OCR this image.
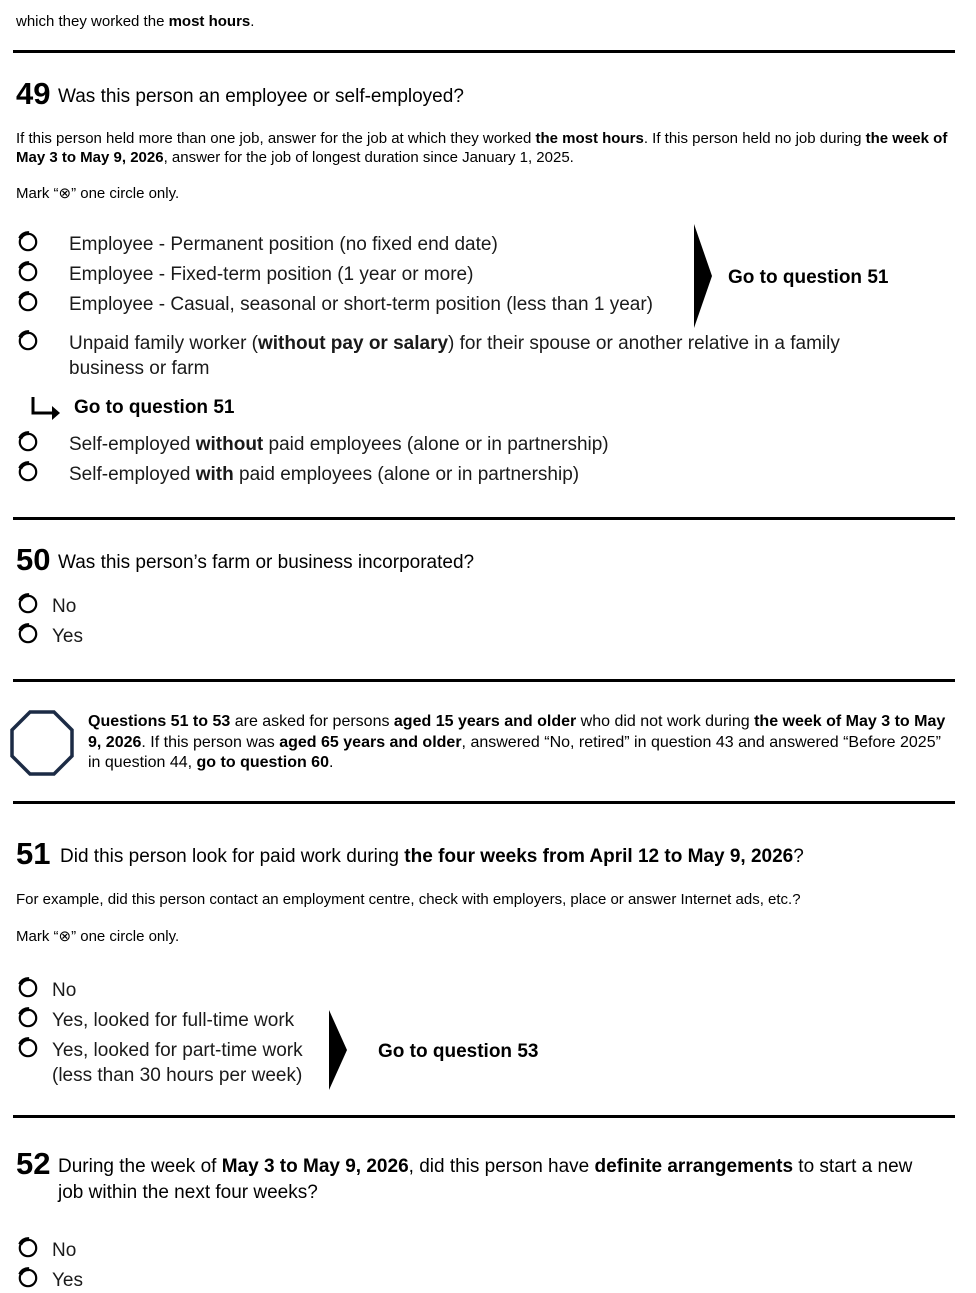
which they worked the most hours.
49 Was this person an employee or self-employed?
If this person held more than one job, answer for the job at which they worked the most hours. If this person held no job during the week of May 3 to May 9, 2026, answer for the job of longest duration since January 1, 2025.
Mark “⊗” one circle only.
Employee - Permanent position (no fixed end date)
Employee - Fixed-term position (1 year or more)
Employee - Casual, seasonal or short-term position (less than 1 year)
Go to question 51
Unpaid family worker (without pay or salary) for their spouse or another relative in a family business or farm
Go to question 51
Self-employed without paid employees (alone or in partnership)
Self-employed with paid employees (alone or in partnership)
50 Was this person’s farm or business incorporated?
No
Yes
Questions 51 to 53 are asked for persons aged 15 years and older who did not work during the week of May 3 to May 9, 2026. If this person was aged 65 years and older, answered “No, retired” in question 43 and answered “Before 2025” in question 44, go to question 60.
51 Did this person look for paid work during the four weeks from April 12 to May 9, 2026?
For example, did this person contact an employment centre, check with employers, place or answer Internet ads, etc.?
Mark “⊗” one circle only.
No
Yes, looked for full-time work
Yes, looked for part-time work (less than 30 hours per week)
Go to question 53
52 During the week of May 3 to May 9, 2026, did this person have definite arrangements to start a new job within the next four weeks?
No
Yes
